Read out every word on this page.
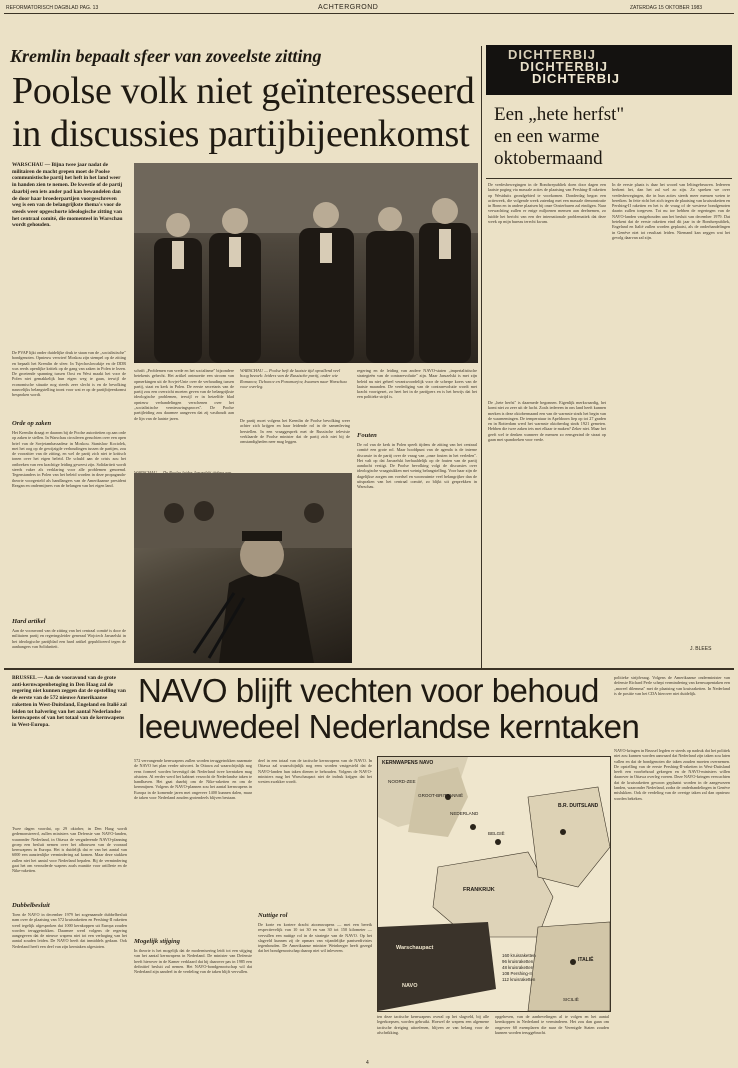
REFORMATORISCH DAGBLAD PAG. 13	ACHTERGROND	ZATERDAG 15 OKTOBER 1983
Kremlin bepaalt sfeer van zoveelste zitting
Poolse volk niet geïnteresseerd
in discussies partijbijeenkomst
WARSCHAU — Bijna twee jaar nadat de militairen de macht grepen moet de Poolse communistische partij het heft in het land weer in handen zien te nemen. De kwestie of de partij daarbij een iets ander pad kan bewandelen dan de door haar broederpartijen voorgeschreven weg is een van de belangrijkste thema's voor de steeds weer opgeschorte ideologische zitting van het centraal comité, die momenteel in Warschau wordt gehouden.
De PVAP lijkt onder duidelijke druk te staan van de „socialistische" bondgenoten. Opnieuw verwierf Moskou zijn stempel op de zitting en bepaalt het Kremlin de sfeer. In Tsjechoslowakije en de DDR was reeds openlijke kritiek op de gang van zaken in Polen te lezen. De groeiende spanning tussen Oost en West maakt het voor de Polen niet gemakkelijk hun eigen weg te gaan, terwijl de economische situatie nog steeds zeer slecht is en de bevolking nauwelijks belangstelling toont voor wat er op de partijbijeenkomst besproken wordt.
Orde op zaken
Het Kremlin draagt er daarom bij de Poolse autoriteiten op aan orde op zaken te stellen. In Warschau circuleren geruchten over een open brief van de Sovjetambassadeur in Moskou. Stanislaw Kociolek, met het oog op de gewijzigde verhoudingen tussen de partijen, zou de voorzitter van de zitting, en wel de partij zich niet te kritisch tonen over het eigen beleid. De schuld aan de crisis zou het ontbreken van een krachtige leiding geweest zijn. Solidariteit wordt steeds vaker als verklaring voor alle problemen genoemd. Tegenstanders in Polen van het beleid worden in deze propaganda-theorie voorgesteld als handlangers van de Amerikaanse president Reagan en ondermijners van de belangen van het eigen land.
Hard artikel
Aan de vooravond van de zitting van het centraal comité is door de militairen partij en regeringsleider generaal Wojciech Jaruzelski in het ideologische partijblad een hard artikel gepubliceerd tegen de aanhangers van Solidariteit.
schrift „Problemen van vrede en het socialisme" bijzondere betekenis gehecht. Het artikel ontmoette een stroom van opmerkingen uit de Sovjet-Unie over de verhouding tussen partij, staat en kerk in Polen. De eerste secretaris van de partij zou een overzicht moeten geven van de belangrijkste ideologische problemen, terwijl er in hetzelfde blad opnieuw verhandelingen verschenen over het „socialistische vernieuwingsproces". De Poolse partijleiding zou daarmee aangeven dat zij vasthoudt aan de lijn van de laatste jaren.
WARSCHAU — Poolse heft de laatste tijd opvallend veel hoog bezoek: leiders van de Russische partij, onder wie Romanov, Tichonov en Ponomarjov, kwamen naar Warschau voor overleg.
De partij moet volgens het Kremlin de Poolse bevolking weer achter zich krijgen en haar leidende rol in de samenleving herstellen. In een vraaggesprek met de Russische televisie verklaarde de Poolse minister dat de partij zich niet bij de omstandigheden neer mag leggen.
regering en de leiding van andere NAVO-staten „imperialistische strategieën van de contrarevolutie" zijn. Maar Jaruzelski is met zijn beleid nu niet geheel verantwoordelijk voor de scherpe koers van de laatste maanden. De verdediging van de contrarevolutie wordt met kracht voortgezet, zo heet het in de partijpers en is het bewijs dat het een politieke strijd is.
Fouten
De rol van de kerk in Polen speelt tijdens de zitting van het centraal comité een grote rol. Maar hoofdpunt van de agenda is de interne discussie in de partij over de vraag van „onze fouten in het verleden". Het valt op dat Jaruzelski herhaaldelijk op de fouten van de partij aandacht vestigt. De Poolse bevolking volgt de discussies over ideologische vraagstukken met weinig belangstelling. Voor haar zijn de dagelijkse zorgen om voedsel en woonruimte veel belangrijker dan de uitspraken van het centraal comité, zo blijkt uit gesprekken in Warschau.
DICHTERBIJ
DICHTERBIJ
DICHTERBIJ
Een „hete herfst"
en een warme
oktobermaand
De vredesbewegingen in de Bondsrepubliek doen door dagen een laatste poging via massale acties de plaatsing van Pershing-II raketten op Westduits grondgebied te voorkomen. Donderdag begon een actieweek, die volgende week zaterdag met een massale demonstratie in Bonn en in andere plaatsen bij onze Oosterburen zal eindigen. Naar verwachting zullen er enige miljoenen mensen aan deelnemen, zo luidde het bericht van een der internationale problematiek dat deze week op mijn bureau terecht kwam.
De „hete herfst" is daarmede begonnen. Eigenlijk merkwaardig, het komt niet zo zeer uit de lucht. Zoals iedereen in ons land heeft kunnen merken is deze oktobermaand een van de warmste sinds het begin van de waarnemingen. De temperatuur in Apeldoorn liep op tot 27 graden en in Rotterdam werd het warmste oktoberdag sinds 1921 gemeten. Hebben die twee zaken iets met elkaar te maken? Zeker niet. Maar het geeft wel te denken wanneer de mensen zo eensgezind de straat op gaan met spandoeken voor vrede.
In de eerste plaats is daar het woord van Ieltingebeuwen. Iedereen herkent het, dan het zal wel zo zijn. Zo spreken we over vredesbewegingen, die in hun acties steeds meer mensen weten te bereiken. In feite richt het zich tegen de plaatsing van kruisraketten en Pershing-II raketten en het is de vraag of de westerse bondgenoten daarin zullen toegeven. Tot nu toe hebben de regeringen van de NAVO-landen vastgehouden aan het besluit van december 1979. Dat betekent dat de eerste raketten eind dit jaar in de Bondsrepubliek, Engeland en Italië zullen worden geplaatst, als de onderhandelingen in Genève niet tot resultaat leiden. Niemand kan zeggen wat het gevolg daarvan zal zijn.
J. BLEES
BRUSSEL — Aan de vooravond van de grote anti-kernwapenbetoging in Den Haag zal de regering niet kunnen zeggen dat de opstelling van de eerste van de 572 nieuwe Amerikaanse raketten in West-Duitsland, Engeland en Italië zal leiden tot halvering van het aantal Nederlandse kernwapens of van het totaal van de kernwapens in West-Europa.
NAVO blijft vechten voor behoud
leeuwedeel Nederlandse kerntaken
Twee dagen voordat, op 29 oktober, in Den Haag wordt gedemonstreerd, zullen ministers van Defensie van NAVO-landen, waaronder Nederland, in Ottawa de vergaderende NAVO-planning groep een besluit nemen over het afbouwen van de vooraad kernwapens in Europa. Het is duidelijk dat er van het aantal van 6000 een aanzienlijke vermindering zal komen. Maar deze stukken zullen niet het aantal voor Nederland bepalen. Bij de vermindering gaat het om verouderde wapens zoals munitie voor artillerie en de Nike-raketten.
Dubbelbesluit
Toen de NAVO in december 1979 het zogenaamde dubbelbesluit nam over de plaatsing van 572 kruisraketten en Pershing-II raketten werd tegelijk afgesproken dat 1000 kernkoppen uit Europa zouden worden teruggetrokken. Daarmee werd volgens de regering aangegeven dat de nieuwe wapens niet tot een verhoging van het aantal zouden leiden. De NAVO heeft dat inmiddels gedaan. Ook Nederland heeft een deel van zijn kerntaken afgestoten.
572 vervangende kernwapens zullen worden teruggetrokken naarmate de NAVO het plan verder uitvoert. In Ottawa zal waarschijnlijk nog eens formeel worden bevestigd dat Nederland twee kerntaken mag afstoten. Al eerder werd het kabinet verzocht de Nederlandse taken te handhaven. Het gaat daarbij om de Nike-raketten en om de kernmijnen. Volgens de NAVO-plannen zou het aantal kernwapens in Europa in de komende jaren met ongeveer 1400 kunnen dalen, maar de taken voor Nederland zouden grotendeels blijven bestaan.
Mogelijk stijging
In theorie is het mogelijk dat de modernisering leidt tot een stijging van het aantal kernwapens in Nederland. De minister van Defensie heeft hierover in de Kamer verklaard dat hij daarover pas in 1985 een definitief besluit zal nemen. Het NAVO-bondgenootschap wil dat Nederland zijn aandeel in de verdeling van de taken blijft vervullen.
deel in een totaal van de tactische kernwapens van de NAVO. In Ottawa zal waarschijnlijk nog eens worden vastgesteld dat de NAVO-landen hun taken dienen te behouden. Volgens de NAVO-ministers mag het Warschaupact niet de indruk krijgen dat het westen zwakker wordt.
Nuttige rol
De korte en kortere dracht atoomwapens — met een bereik respectievelijk van 10 tot 30 en van 30 tot 150 kilometer — vervullen een nuttige rol in de strategie van de NAVO. Op het slagveld kunnen zij de opmars van vijandelijke pantserdivisies tegenhouden. De Amerikaanse minister Weinberger heeft gezegd dat het bondgenootschap daarop niet wil inleveren.
KERNWAPENS NAVO
NOORD-ZEE
GROOT-BRITTANNIË
BELGIË
B.R. DUITSLAND
FRANKRIJK
ITALIË
SICILIË
NEDERLAND
Warschaupact
NAVO
160 kruisraketten
96 kruisraketten
48 kruisraketten
108 Pershing-II
112 kruisraketten
ten deze tactische kernwapens overal op het slagveld, bij alle legerkorpsen, worden gebruikt. Hoewel de wapens een algemene tactische dreiging uitoefenen, blijven ze van belang voor de afschrikking.
opgeheven, van de aanbevelingen al te volgen en het aantal kernkoppen in Nederland te verminderen. Het zou dan gaan om ongeveer 60 exemplaren die naar de Verenigde Staten zouden kunnen worden teruggebracht.
politieke strijdvraag. Volgens de Amerikaanse onderminister van defensie Richard Perle schept vermindering van kernwapentaken een „moreel dilemma" met de plaatsing van kruisraketten. In Nederland is de positie van het CDA hierover niet duidelijk.
NAVO-kringen in Brussel legden er steeds op nadruk dat het politiek niet zou kunnen worden aanvaard dat Nederland zijn taken zou laten vallen en dat de bondgenoten die taken zouden moeten overnemen. De opstelling van de eerste Pershing-II-raketten in West-Duitsland heeft een voorbehoud gekregen en de NAVO-ministers willen daarover in Ottawa overleg voeren. Deze NAVO-kringen verwachten dat de kruisraketten gewoon geplaatst worden in de aangewezen landen, waaronder Nederland, zodra de onderhandelingen in Genève mislukken. Ook de verdeling van de overige taken zal dan opnieuw worden bekeken.
4
